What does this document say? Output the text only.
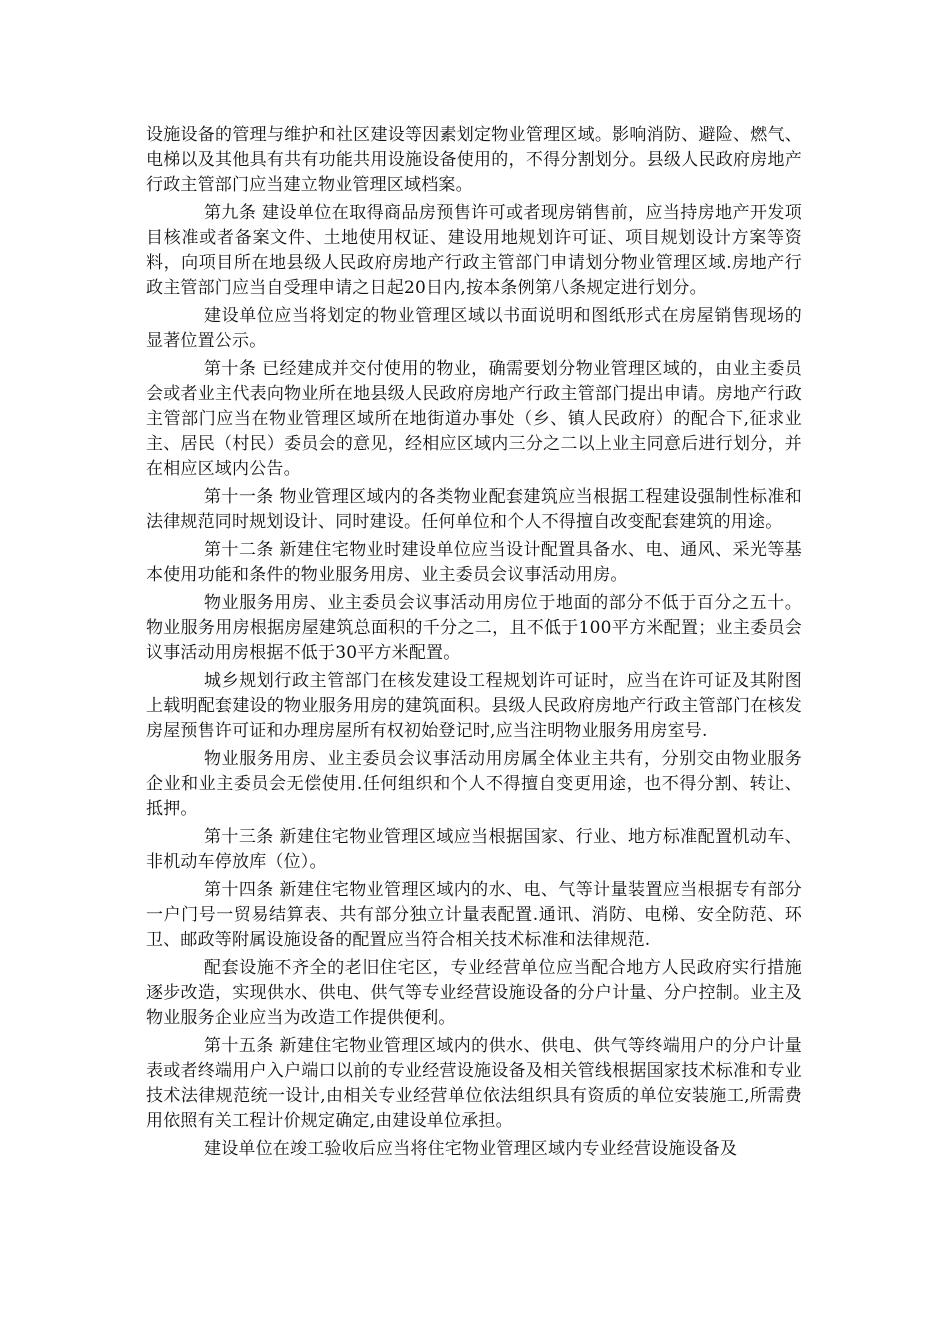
设施设备的管理与维护和社区建设等因素划定物业管理区域。影响消防、避险、燃气、电梯以及其他具有共有功能共用设施设备使用的，不得分割划分。县级人民政府房地产行政主管部门应当建立物业管理区域档案。

第九条 建设单位在取得商品房预售许可或者现房销售前，应当持房地产开发项目核准或者备案文件、土地使用权证、建设用地规划许可证、项目规划设计方案等资料，向项目所在地县级人民政府房地产行政主管部门申请划分物业管理区域.房地产行政主管部门应当自受理申请之日起20日内,按本条例第八条规定进行划分。

建设单位应当将划定的物业管理区域以书面说明和图纸形式在房屋销售现场的显著位置公示。

第十条 已经建成并交付使用的物业，确需要划分物业管理区域的，由业主委员会或者业主代表向物业所在地县级人民政府房地产行政主管部门提出申请。房地产行政主管部门应当在物业管理区域所在地街道办事处（乡、镇人民政府）的配合下,征求业主、居民（村民）委员会的意见，经相应区域内三分之二以上业主同意后进行划分，并在相应区域内公告。

第十一条 物业管理区域内的各类物业配套建筑应当根据工程建设强制性标准和法律规范同时规划设计、同时建设。任何单位和个人不得擅自改变配套建筑的用途。

第十二条 新建住宅物业时建设单位应当设计配置具备水、电、通风、采光等基本使用功能和条件的物业服务用房、业主委员会议事活动用房。

物业服务用房、业主委员会议事活动用房位于地面的部分不低于百分之五十。物业服务用房根据房屋建筑总面积的千分之二，且不低于100平方米配置；业主委员会议事活动用房根据不低于30平方米配置。

城乡规划行政主管部门在核发建设工程规划许可证时，应当在许可证及其附图上载明配套建设的物业服务用房的建筑面积。县级人民政府房地产行政主管部门在核发房屋预售许可证和办理房屋所有权初始登记时,应当注明物业服务用房室号.

物业服务用房、业主委员会议事活动用房属全体业主共有，分别交由物业服务企业和业主委员会无偿使用.任何组织和个人不得擅自变更用途，也不得分割、转让、抵押。

第十三条 新建住宅物业管理区域应当根据国家、行业、地方标准配置机动车、非机动车停放库（位）。

第十四条 新建住宅物业管理区域内的水、电、气等计量装置应当根据专有部分一户门号一贸易结算表、共有部分独立计量表配置.通讯、消防、电梯、安全防范、环卫、邮政等附属设施设备的配置应当符合相关技术标准和法律规范.

配套设施不齐全的老旧住宅区，专业经营单位应当配合地方人民政府实行措施逐步改造，实现供水、供电、供气等专业经营设施设备的分户计量、分户控制。业主及物业服务企业应当为改造工作提供便利。

第十五条 新建住宅物业管理区域内的供水、供电、供气等终端用户的分户计量表或者终端用户入户端口以前的专业经营设施设备及相关管线根据国家技术标准和专业技术法律规范统一设计,由相关专业经营单位依法组织具有资质的单位安装施工,所需费用依照有关工程计价规定确定,由建设单位承担。

建设单位在竣工验收后应当将住宅物业管理区域内专业经营设施设备及
